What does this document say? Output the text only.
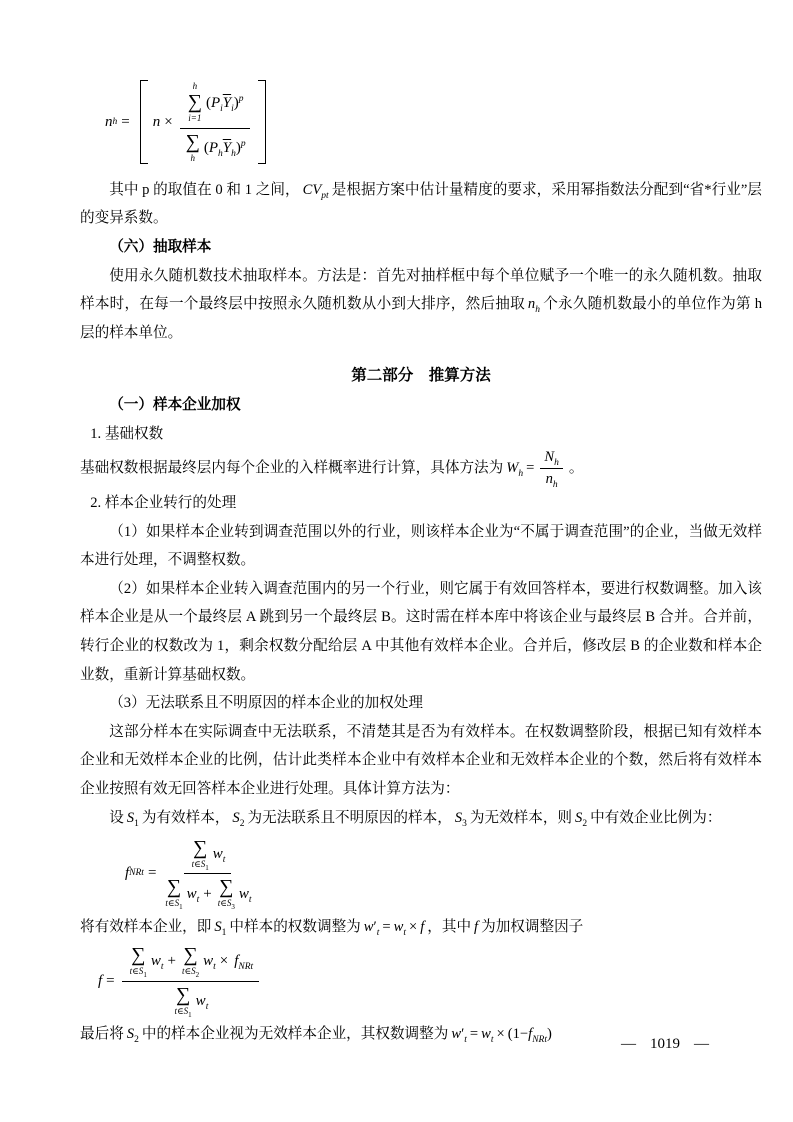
n h = n × h
∑
i=1
$(P_i\overline{Y}_i)^p$
∑
h
$(P_h\overline{Y}_h)^p$

其中 p 的取值在 0 和 1 之间， $CV_{pt}$ 是根据方案中估计量精度的要求，采用幂指数法分配到“省*行业”层的变异系数。

（六）抽取样本

使用永久随机数技术抽取样本。方法是：首先对抽样框中每个单位赋予一个唯一的永久随机数。抽取样本时，在每一个最终层中按照永久随机数从小到大排序，然后抽取 $n_h$ 个永久随机数最小的单位作为第 h 层的样本单位。

第二部分　推算方法

（一）样本企业加权

1. 基础权数

基础权数根据最终层内每个企业的入样概率进行计算，具体方法为 $W_h = \frac{N_h}{n_h}$ 。

2. 样本企业转行的处理

（1）如果样本企业转到调查范围以外的行业，则该样本企业为“不属于调查范围”的企业，当做无效样本进行处理，不调整权数。

（2）如果样本企业转入调查范围内的另一个行业，则它属于有效回答样本，要进行权数调整。加入该样本企业是从一个最终层 A 跳到另一个最终层 B。这时需在样本库中将该企业与最终层 B 合并。合并前，转行企业的权数改为 1，剩余权数分配给层 A 中其他有效样本企业。合并后，修改层 B 的企业数和样本企业数，重新计算基础权数。

（3）无法联系且不明原因的样本企业的加权处理

这部分样本在实际调查中无法联系，不清楚其是否为有效样本。在权数调整阶段，根据已知有效样本企业和无效样本企业的比例，估计此类样本企业中有效样本企业和无效样本企业的个数，然后将有效样本企业按照有效无回答样本企业进行处理。具体计算方法为：

设 $S_1$ 为有效样本， $S_2$ 为无法联系且不明原因的样本， $S_3$ 为无效样本，则 $S_2$ 中有效企业比例为：

f NRt =
∑
$t\in S_1$
$w_t$
∑
$t\in S_1$
$w_t$ + ∑
$t\in S_3$
$w_t$

将有效样本企业，即 $S_1$ 中样本的权数调整为 $w'_t = w_t \times f$ ，其中 f 为加权调整因子

f =
∑
$t\in S_1$
$w_t$ + ∑
$t\in S_2$
$w_t \times f_{NRt}$
∑
$t\in S_1$
$w_t$

最后将 $S_2$ 中的样本企业视为无效样本企业，其权数调整为 $w'_t = w_t \times (1-f_{NRt})$

— 1019 —
